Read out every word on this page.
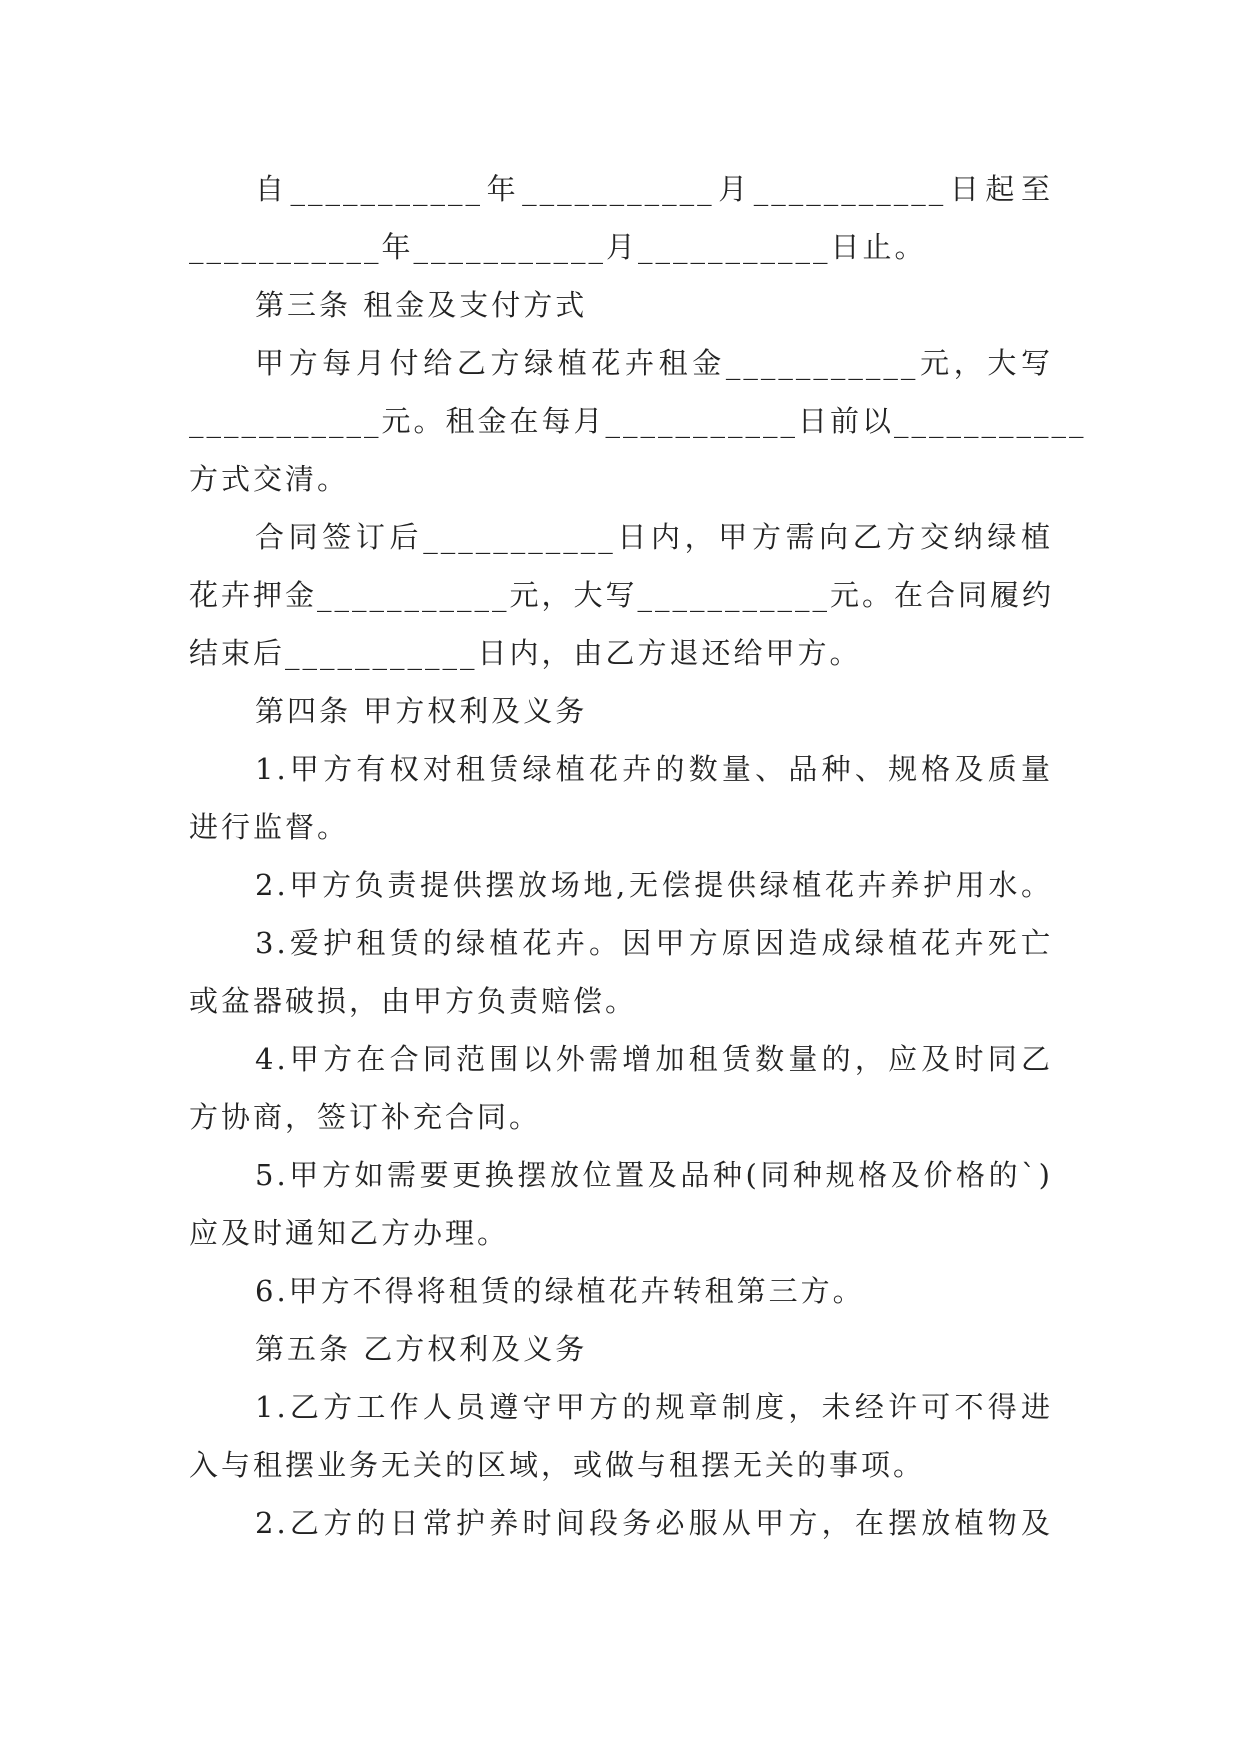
自___________年___________月___________日起至
___________年___________月___________日止。
第三条 租金及支付方式
甲方每月付给乙方绿植花卉租金___________元，大写
___________元。租金在每月___________日前以___________
方式交清。
合同签订后___________日内，甲方需向乙方交纳绿植
花卉押金___________元，大写___________元。在合同履约
结束后___________日内，由乙方退还给甲方。
第四条 甲方权利及义务
1.甲方有权对租赁绿植花卉的数量、品种、规格及质量
进行监督。
2.甲方负责提供摆放场地,无偿提供绿植花卉养护用水。
3.爱护租赁的绿植花卉。因甲方原因造成绿植花卉死亡
或盆器破损，由甲方负责赔偿。
4.甲方在合同范围以外需增加租赁数量的，应及时同乙
方协商，签订补充合同。
5.甲方如需要更换摆放位置及品种(同种规格及价格的`)
应及时通知乙方办理。
6.甲方不得将租赁的绿植花卉转租第三方。
第五条 乙方权利及义务
1.乙方工作人员遵守甲方的规章制度，未经许可不得进
入与租摆业务无关的区域，或做与租摆无关的事项。
2.乙方的日常护养时间段务必服从甲方，在摆放植物及
